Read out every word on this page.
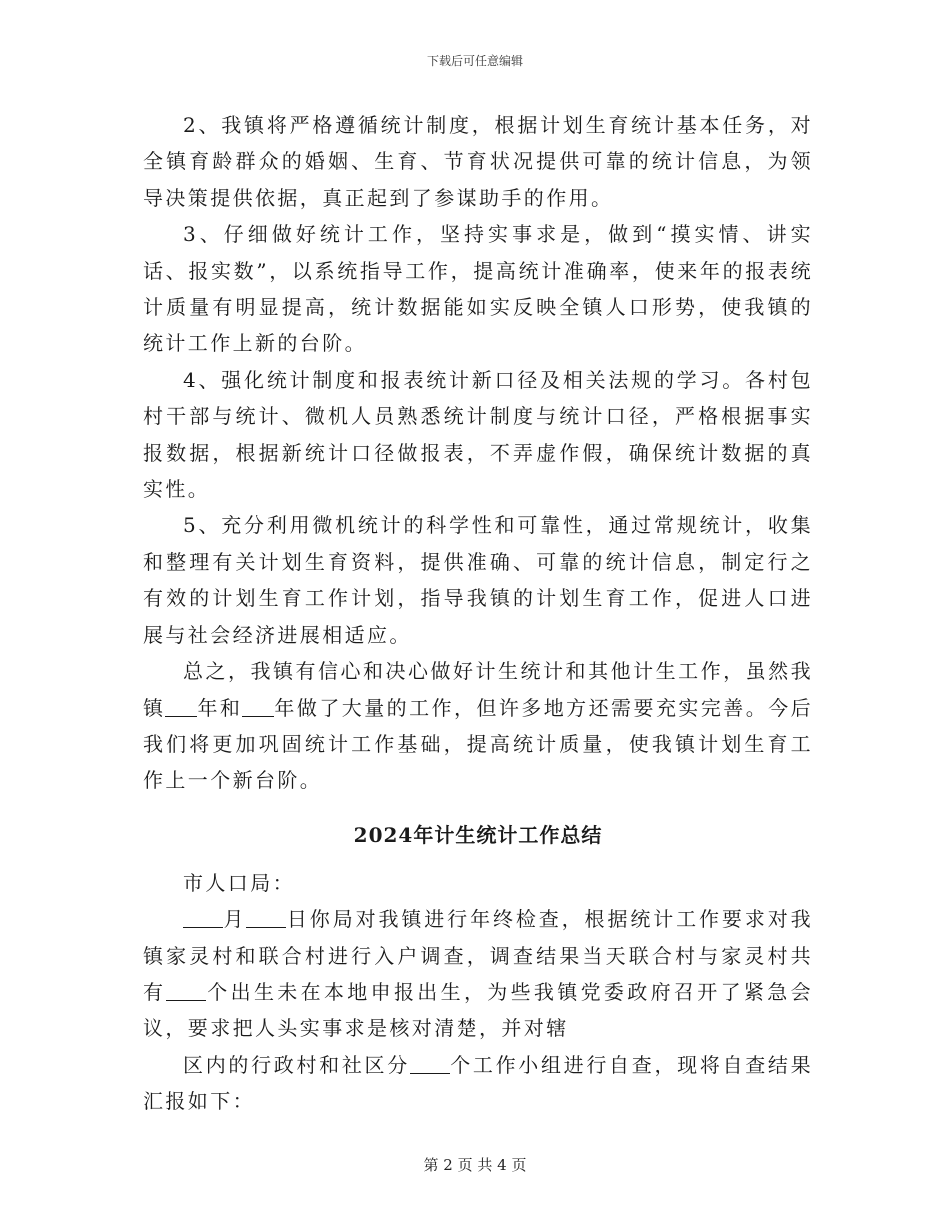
下载后可任意编辑

2、我镇将严格遵循统计制度，根据计划生育统计基本任务，对全镇育龄群众的婚姻、生育、节育状况提供可靠的统计信息，为领导决策提供依据，真正起到了参谋助手的作用。

3、仔细做好统计工作，坚持实事求是，做到“摸实情、讲实话、报实数”，以系统指导工作，提高统计准确率，使来年的报表统计质量有明显提高，统计数据能如实反映全镇人口形势，使我镇的统计工作上新的台阶。

4、强化统计制度和报表统计新口径及相关法规的学习。各村包村干部与统计、微机人员熟悉统计制度与统计口径，严格根据事实报数据，根据新统计口径做报表，不弄虚作假，确保统计数据的真实性。

5、充分利用微机统计的科学性和可靠性，通过常规统计，收集和整理有关计划生育资料，提供准确、可靠的统计信息，制定行之有效的计划生育工作计划，指导我镇的计划生育工作，促进人口进展与社会经济进展相适应。

总之，我镇有信心和决心做好计生统计和其他计生工作，虽然我镇 年和 年做了大量的工作，但许多地方还需要充实完善。今后我们将更加巩固统计工作基础，提高统计质量，使我镇计划生育工作上一个新台阶。

2024年计生统计工作总结

市人口局：

月 日你局对我镇进行年终检查，根据统计工作要求对我镇家灵村和联合村进行入户调查，调查结果当天联合村与家灵村共有 个出生未在本地申报出生，为些我镇党委政府召开了紧急会议，要求把人头实事求是核对清楚，并对辖

区内的行政村和社区分 个工作小组进行自查，现将自查结果汇报如下：

第 2 页 共 4 页
